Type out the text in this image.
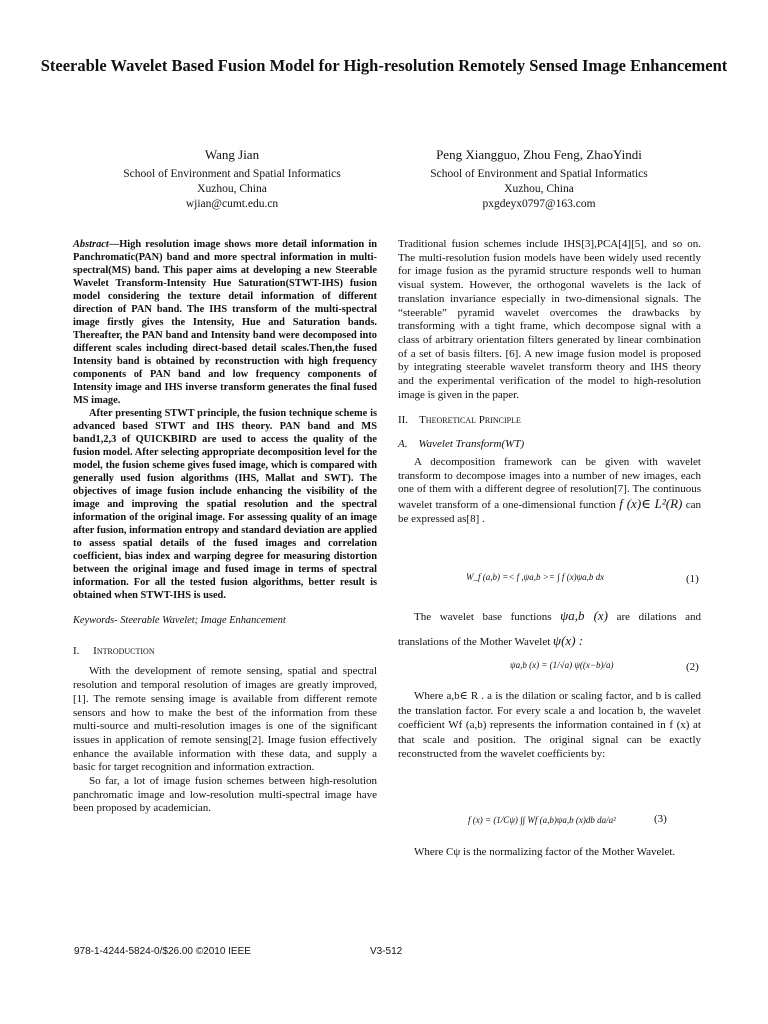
Steerable Wavelet Based Fusion Model for High-resolution Remotely Sensed Image Enhancement
Wang Jian
School of Environment and Spatial Informatics
Xuzhou, China
wjian@cumt.edu.cn
Peng Xiangguo, Zhou Feng, ZhaoYindi
School of Environment and Spatial Informatics
Xuzhou, China
pxgdeyx0797@163.com

Abstract—High resolution image shows more detail information in Panchromatic(PAN) band and more spectral information in multi-spectral(MS) band. This paper aims at developing a new Steerable Wavelet Transform-Intensity Hue Saturation(STWT-IHS) fusion model considering the texture detail information of different direction of PAN band. The IHS transform of the multi-spectral image firstly gives the Intensity, Hue and Saturation bands. Thereafter, the PAN band and Intensity band were decomposed into different scales including direct-based detail scales.Then,the fused Intensity band is obtained by reconstruction with high frequency components of PAN band and low frequency components of Intensity image and IHS inverse transform generates the final fused MS image.

After presenting STWT principle, the fusion technique scheme is advanced based STWT and IHS theory. PAN band and MS band1,2,3 of QUICKBIRD are used to access the quality of the fusion model. After selecting appropriate decomposition level for the model, the fusion scheme gives fused image, which is compared with generally used fusion algorithms (IHS, Mallat and SWT). The objectives of image fusion include enhancing the visibility of the image and improving the spatial resolution and the spectral information of the original image. For assessing quality of an image after fusion, information entropy and standard deviation are applied to assess spatial details of the fused images and correlation coefficient, bias index and warping degree for measuring distortion between the original image and fused image in terms of spectral information. For all the tested fusion algorithms, better result is obtained when STWT-IHS is used.

Keywords- Steerable Wavelet; Image Enhancement

I. Introduction

With the development of remote sensing, spatial and spectral resolution and temporal resolution of images are greatly improved,[1]. The remote sensing image is available from different remote sensors and how to make the best of the information from these multi-source and multi-resolution images is one of the significant issues in application of remote sensing[2]. Image fusion effectively enhance the available information with these data, and supply a basic for target recognition and information extraction.

So far, a lot of image fusion schemes between high-resolution panchromatic image and low-resolution multi-spectral image have been proposed by academician.

Traditional fusion schemes include IHS[3],PCA[4][5], and so on. The multi-resolution fusion models have been widely used recently for image fusion as the pyramid structure responds well to human visual system. However, the orthogonal wavelets is the lack of translation invariance especially in two-dimensional signals. The “steerable” pyramid wavelet overcomes the drawbacks by transforming with a tight frame, which decompose signal with a class of arbitrary orientation filters generated by linear combination of a set of basis filters. [6]. A new image fusion model is proposed by integrating steerable wavelet transform theory and IHS theory and the experimental verification of the model to high-resolution image is given in the paper.

II. Theoretical Principle

A. Wavelet Transform(WT)

A decomposition framework can be given with wavelet transform to decompose images into a number of new images, each one of them with a different degree of resolution[7]. The continuous wavelet transform of a one-dimensional function f (x)∈ L²(R) can be expressed as[8] .

W_f (a,b) =< f ,ψa,b >= ∫ f (x)ψa,b dx	(1)

The wavelet base functions ψa,b (x) are dilations and translations of the Mother Wavelet ψ(x) :

ψa,b (x) = (1/√a) ψ((x−b)/a)	(2)

Where a,b∈ R . a is the dilation or scaling factor, and b is called the translation factor. For every scale a and location b, the wavelet coefficient Wf (a,b) represents the information contained in f (x) at that scale and position. The original signal can be exactly reconstructed from the wavelet coefficients by:

f (x) = (1/Cψ) ∫∫ Wf (a,b)ψa,b (x)db da/a²	(3)

Where Cψ is the normalizing factor of the Mother Wavelet.

978-1-4244-5824-0/$26.00 ©2010 IEEE	V3-512
